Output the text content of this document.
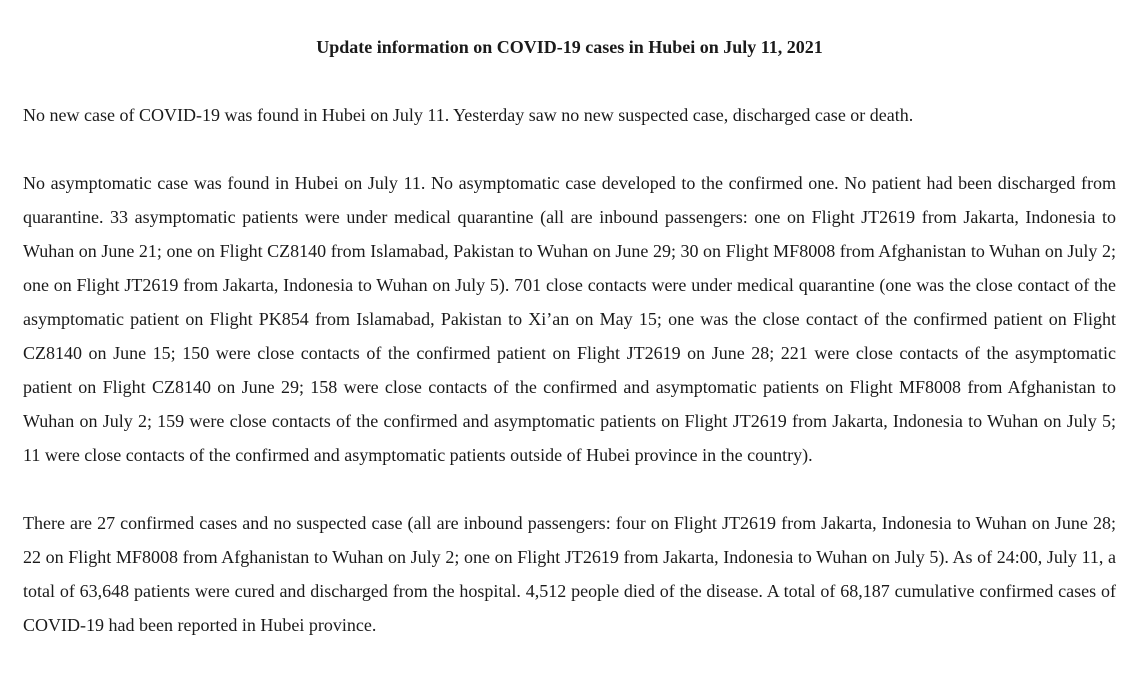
Update information on COVID-19 cases in Hubei on July 11, 2021

No new case of COVID-19 was found in Hubei on July 11. Yesterday saw no new suspected case, discharged case or death.

No asymptomatic case was found in Hubei on July 11. No asymptomatic case developed to the confirmed one. No patient had been discharged from quarantine. 33 asymptomatic patients were under medical quarantine (all are inbound passengers: one on Flight JT2619 from Jakarta, Indonesia to Wuhan on June 21; one on Flight CZ8140 from Islamabad, Pakistan to Wuhan on June 29; 30 on Flight MF8008 from Afghanistan to Wuhan on July 2; one on Flight JT2619 from Jakarta, Indonesia to Wuhan on July 5). 701 close contacts were under medical quarantine (one was the close contact of the asymptomatic patient on Flight PK854 from Islamabad, Pakistan to Xi’an on May 15; one was the close contact of the confirmed patient on Flight CZ8140 on June 15; 150 were close contacts of the confirmed patient on Flight JT2619 on June 28; 221 were close contacts of the asymptomatic patient on Flight CZ8140 on June 29; 158 were close contacts of the confirmed and asymptomatic patients on Flight MF8008 from Afghanistan to Wuhan on July 2; 159 were close contacts of the confirmed and asymptomatic patients on Flight JT2619 from Jakarta, Indonesia to Wuhan on July 5; 11 were close contacts of the confirmed and asymptomatic patients outside of Hubei province in the country).

There are 27 confirmed cases and no suspected case (all are inbound passengers: four on Flight JT2619 from Jakarta, Indonesia to Wuhan on June 28; 22 on Flight MF8008 from Afghanistan to Wuhan on July 2; one on Flight JT2619 from Jakarta, Indonesia to Wuhan on July 5). As of 24:00, July 11, a total of 63,648 patients were cured and discharged from the hospital. 4,512 people died of the disease. A total of 68,187 cumulative confirmed cases of COVID-19 had been reported in Hubei province.
